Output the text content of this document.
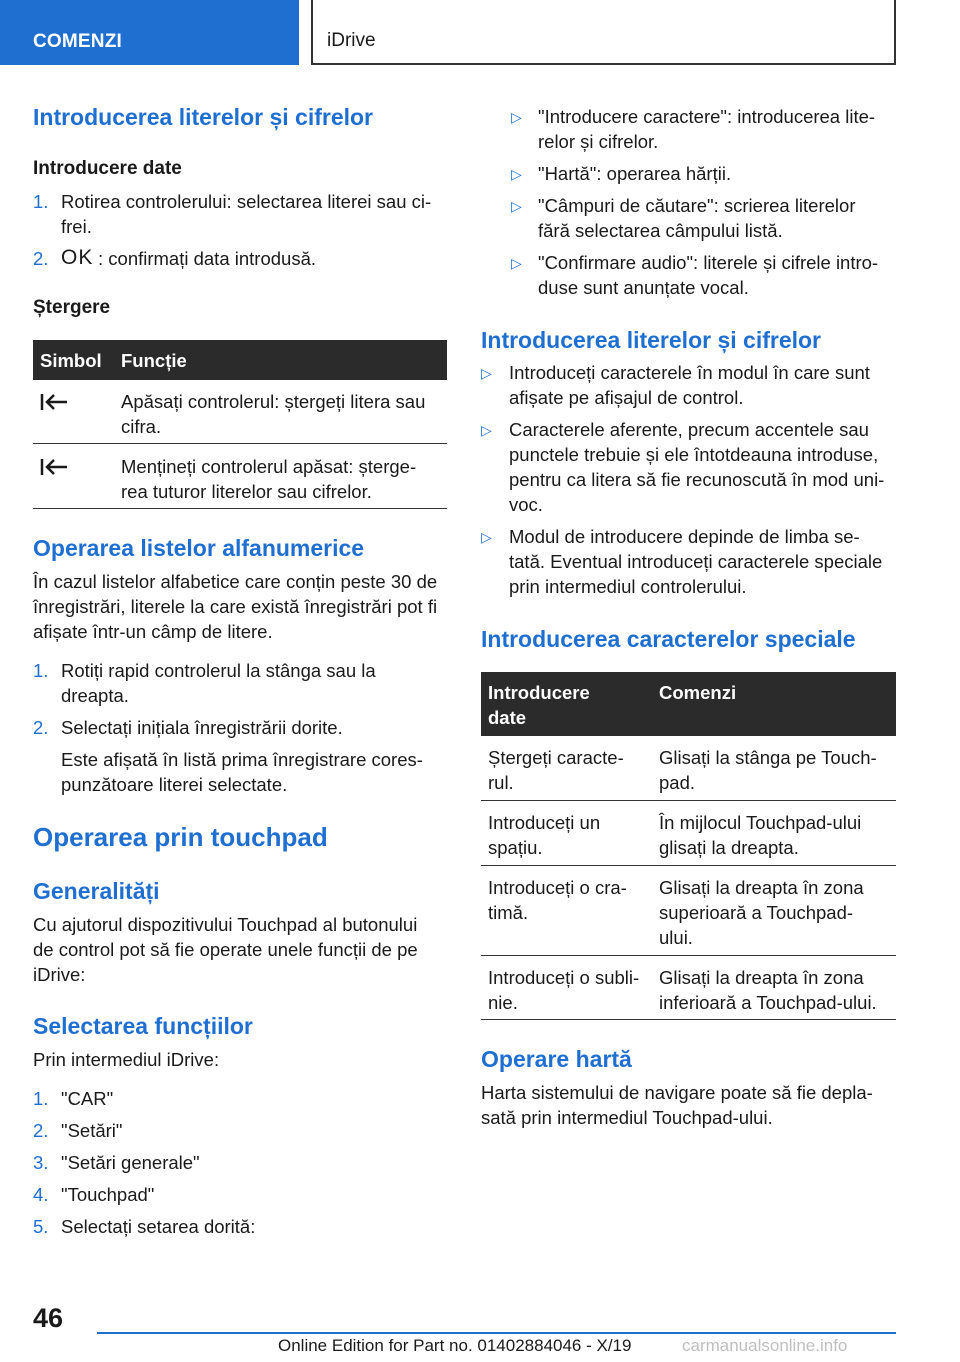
COMENZI	iDrive
Introducerea literelor și cifrelor
Introducere date
1. Rotirea controlerului: selectarea literei sau ci-
frei.
2. OK : confirmați data introdusă.
Ștergere
Simbol Funcție
Apăsați controlerul: ștergeți litera sau
cifra.
Mențineți controlerul apăsat: șterge-
rea tuturor literelor sau cifrelor.
Operarea listelor alfanumerice
În cazul listelor alfabetice care conțin peste 30 de
înregistrări, literele la care există înregistrări pot fi
afișate într-un câmp de litere.
1. Rotiți rapid controlerul la stânga sau la
dreapta.
2. Selectați inițiala înregistrării dorite.
Este afișată în listă prima înregistrare cores-
punzătoare literei selectate.
Operarea prin touchpad
Generalități
Cu ajutorul dispozitivului Touchpad al butonului
de control pot să fie operate unele funcții de pe
iDrive:
Selectarea funcțiilor
Prin intermediul iDrive:
1. "CAR"
2. "Setări"
3. "Setări generale"
4. "Touchpad"
5. Selectați setarea dorită:
▷ "Introducere caractere": introducerea lite-
relor și cifrelor.
▷ "Hartă": operarea hărții.
▷ "Câmpuri de căutare": scrierea literelor
fără selectarea câmpului listă.
▷ "Confirmare audio": literele și cifrele intro-
duse sunt anunțate vocal.
Introducerea literelor și cifrelor
▷ Introduceți caracterele în modul în care sunt
afișate pe afișajul de control.
▷ Caracterele aferente, precum accentele sau
punctele trebuie și ele întotdeauna introduse,
pentru ca litera să fie recunoscută în mod uni-
voc.
▷ Modul de introducere depinde de limba se-
tată. Eventual introduceți caracterele speciale
prin intermediul controlerului.
Introducerea caracterelor speciale
Introducere
date
Comenzi
Ștergeți caracte-
rul.
Glisați la stânga pe Touch-
pad.
Introduceți un
spațiu.
În mijlocul Touchpad-ului
glisați la dreapta.
Introduceți o cra-
timă.
Glisați la dreapta în zona
superioară a Touchpad-
ului.
Introduceți o subli-
nie.
Glisați la dreapta în zona
inferioară a Touchpad-ului.
Operare hartă
Harta sistemului de navigare poate să fie depla-
sată prin intermediul Touchpad-ului.
46
Online Edition for Part no. 01402884046 - X/19	carmanualsonline.info
